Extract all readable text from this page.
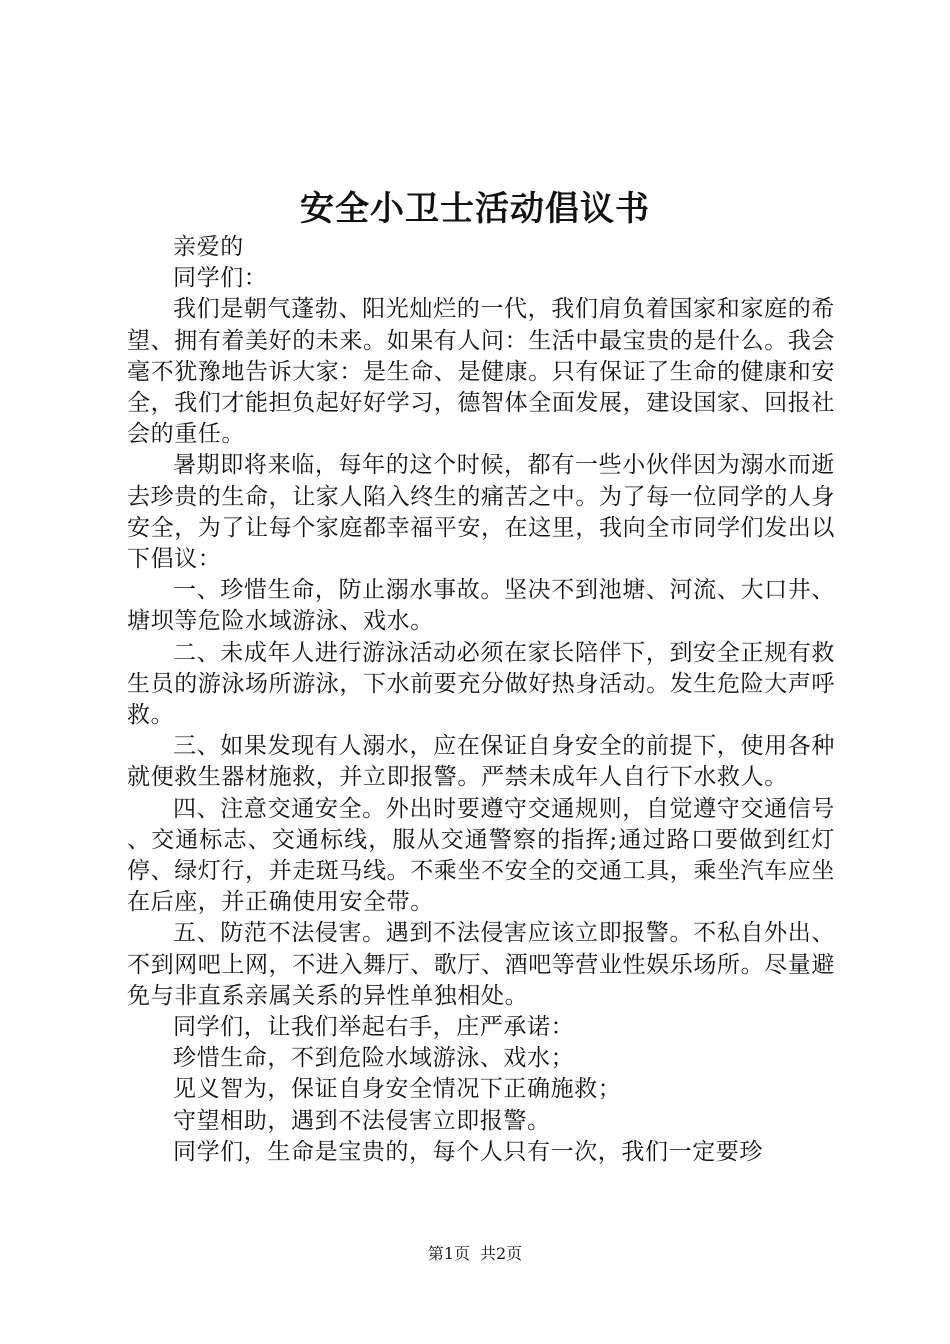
安全小卫士活动倡议书

亲爱的

同学们：

我们是朝气蓬勃、阳光灿烂的一代，我们肩负着国家和家庭的希望、拥有着美好的未来。如果有人问：生活中最宝贵的是什么。我会毫不犹豫地告诉大家：是生命、是健康。只有保证了生命的健康和安全，我们才能担负起好好学习，德智体全面发展，建设国家、回报社会的重任。

暑期即将来临，每年的这个时候，都有一些小伙伴因为溺水而逝去珍贵的生命，让家人陷入终生的痛苦之中。为了每一位同学的人身安全，为了让每个家庭都幸福平安，在这里，我向全市同学们发出以下倡议：

一、珍惜生命，防止溺水事故。坚决不到池塘、河流、大口井、塘坝等危险水域游泳、戏水。

二、未成年人进行游泳活动必须在家长陪伴下，到安全正规有救生员的游泳场所游泳，下水前要充分做好热身活动。发生危险大声呼救。

三、如果发现有人溺水，应在保证自身安全的前提下，使用各种就便救生器材施救，并立即报警。严禁未成年人自行下水救人。

四、注意交通安全。外出时要遵守交通规则，自觉遵守交通信号、交通标志、交通标线，服从交通警察的指挥;通过路口要做到红灯停、绿灯行，并走斑马线。不乘坐不安全的交通工具，乘坐汽车应坐在后座，并正确使用安全带。

五、防范不法侵害。遇到不法侵害应该立即报警。不私自外出、不到网吧上网，不进入舞厅、歌厅、酒吧等营业性娱乐场所。尽量避免与非直系亲属关系的异性单独相处。

同学们，让我们举起右手，庄严承诺：

珍惜生命，不到危险水域游泳、戏水；

见义智为，保证自身安全情况下正确施救；

守望相助，遇到不法侵害立即报警。

同学们，生命是宝贵的，每个人只有一次，我们一定要珍

第1页 共2页
